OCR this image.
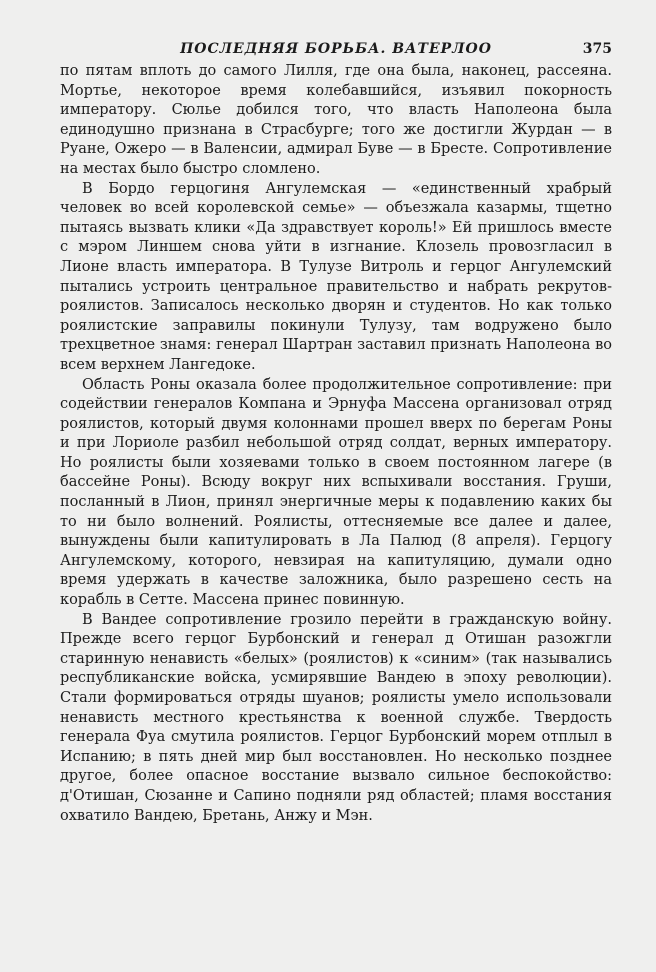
ПОСЛЕДНЯЯ БОРЬБА. ВАТЕРЛОО	375

по пятам вплоть до самого Лилля, где она была, наконец, рассеяна. Мортье, некоторое время колебавшийся, изъявил покорность императору. Сюлье добился того, что власть Наполеона была единодушно признана в Страсбурге; того же достигли Журдан — в Руане, Ожеро — в Валенсии, адмирал Буве — в Бресте. Сопротивление на местах было быстро сломлено.

В Бордо герцогиня Ангулемская — «единственный храбрый человек во всей королевской семье» — объезжала казармы, тщетно пытаясь вызвать клики «Да здравствует король!» Ей пришлось вместе с мэром Линшем снова уйти в изгнание. Клозель провозгласил в Лионе власть императора. В Тулузе Витроль и герцог Ангулемский пытались устроить центральное правительство и набрать рекрутов-роялистов. Записалось несколько дворян и студентов. Но как только роялистские заправилы покинули Тулузу, там водружено было трехцветное знамя: генерал Шартран заставил признать Наполеона во всем верхнем Лангедоке.

Область Роны оказала более продолжительное сопротивление: при содействии генералов Компана и Эрнуфа Массена организовал отряд роялистов, который двумя колоннами прошел вверх по берегам Роны и при Лориоле разбил небольшой отряд солдат, верных императору. Но роялисты были хозяевами только в своем постоянном лагере (в бассейне Роны). Всюду вокруг них вспыхивали восстания. Груши, посланный в Лион, принял энергичные меры к подавлению каких бы то ни было волнений. Роялисты, оттесняемые все далее и далее, вынуждены были капитулировать в Ла Палюд (8 апреля). Герцогу Ангулемскому, которого, невзирая на капитуляцию, думали одно время удержать в качестве заложника, было разрешено сесть на корабль в Сетте. Массена принес повинную.

В Вандее сопротивление грозило перейти в гражданскую войну. Прежде всего герцог Бурбонский и генерал д Отишан разожгли старинную ненависть «белых» (роялистов) к «синим» (так назывались республиканские войска, усмирявшие Вандею в эпоху революции). Стали формироваться отряды шуанов; роялисты умело использовали ненависть местного крестьянства к военной службе. Твердость генерала Фуа смутила роялистов. Герцог Бурбонский морем отплыл в Испанию; в пять дней мир был восстановлен. Но несколько позднее другое, более опасное восстание вызвало сильное беспокойство: д'Отишан, Сюзанне и Сапино подняли ряд областей; пламя восстания охватило Вандею, Бретань, Анжу и Мэн.
